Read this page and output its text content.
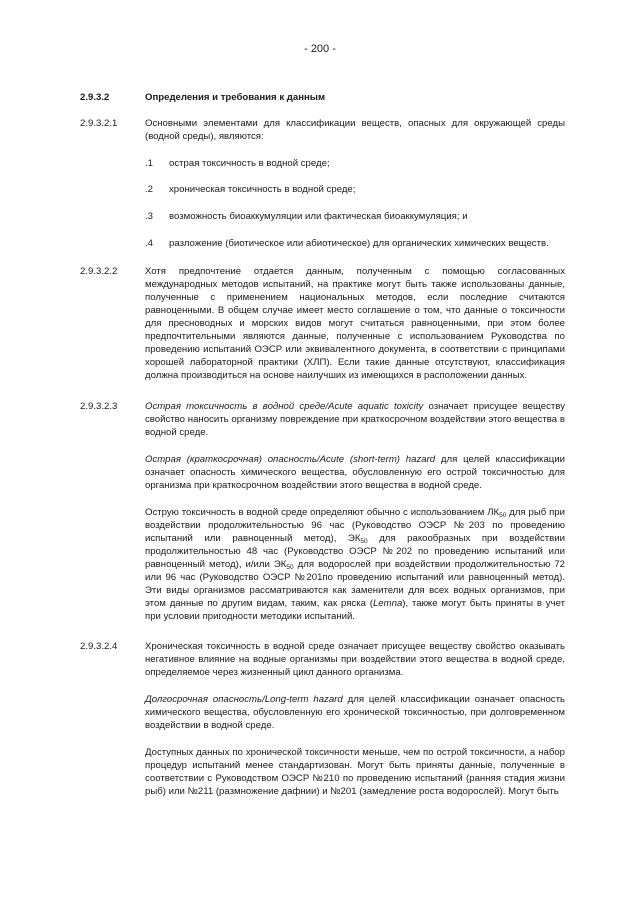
- 200 -
2.9.3.2	Определения и требования к данным
2.9.3.2.1	Основными элементами для классификации веществ, опасных для окружающей среды (водной среды), являются:

.1 острая токсичность в водной среде;
.2 хроническая токсичность в водной среде;
.3 возможность биоаккумуляции или фактическая биоаккумуляция; и
.4 разложение (биотическое или абиотическое) для органических химических веществ.
2.9.3.2.2	Хотя предпочтение отдается данным, полученным с помощью согласованных международных методов испытаний, на практике могут быть также использованы данные, полученные с применением национальных методов, если последние считаются равноценными. В общем случае имеет место соглашение о том, что данные о токсичности для пресноводных и морских видов могут считаться равноценными, при этом более предпочтительными являются данные, полученные с использованием Руководства по проведению испытаний ОЭСР или эквивалентного документа, в соответствии с принципами хорошей лабораторной практики (ХЛП). Если такие данные отсутствуют, классификация должна производиться на основе наилучших из имеющихся в расположении данных.

2.9.3.2.3	Острая токсичность в водной среде/Acute aquatic toxicity означает присущее веществу свойство наносить организму повреждение при краткосрочном воздействии этого вещества в водной среде.

Острая (краткосрочная) опасность/Acute (short-term) hazard для целей классификации означает опасность химического вещества, обусловленную его острой токсичностью для организма при краткосрочном воздействии этого вещества в водной среде.

Острую токсичность в водной среде определяют обычно с использованием $ЛК_{50}$ для рыб при воздействии продолжительностью 96 час (Руководство ОЭСР №203 по проведению испытаний или равноценный метод), $ЭК_{50}$ для ракообразных при воздействии продолжительностью 48 час (Руководство ОЭСР №202 по проведению испытаний или равноценный метод), и/или $ЭК_{50}$ для водорослей при воздействии продолжительностью 72 или 96 час (Руководство ОЭСР №201по проведению испытаний или равноценный метод). Эти виды организмов рассматриваются как заменители для всех водных организмов, при этом данные по другим видам, таким, как ряска (Lemna), также могут быть приняты в учет при условии пригодности методики испытаний.

2.9.3.2.4	Хроническая токсичность в водной среде означает присущее веществу свойство оказывать негативное влияние на водные организмы при воздействии этого вещества в водной среде, определяемое через жизненный цикл данного организма.

Долгосрочная опасность/Long-term hazard для целей классификации означает опасность химического вещества, обусловленную его хронической токсичностью, при долговременном воздействии в водной среде.

Доступных данных по хронической токсичности меньше, чем по острой токсичности, а набор процедур испытаний менее стандартизован. Могут быть приняты данные, полученные в соответствии с Руководством ОЭСР №210 по проведению испытаний (ранняя стадия жизни рыб) или №211 (размножение дафнии) и №201 (замедление роста водорослей). Могут быть
